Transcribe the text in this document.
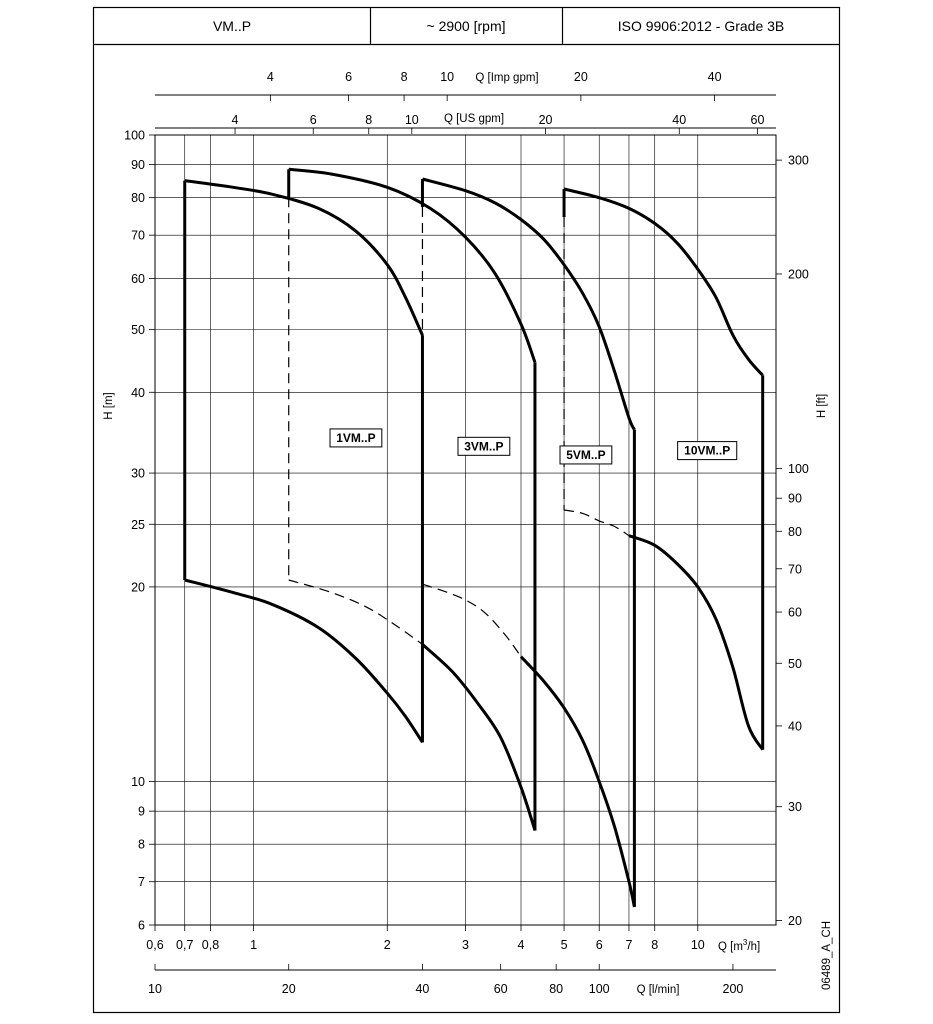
VM..P	~ 2900 [rpm]	ISO 9906:2012 - Grade 3B
0,6 0,7 0,8 1	2	3	4	5 6 7 8	10
6
7
8
9
10
20
25
30
40
50
60
70
80
90
100
20
30
40
50
60
70
80
90
100
200
300
4	6	8	10	20	40	60
4	6	8	10	20	40
10	20	40	60	80 100	200
1VM..P
3VM..P
5VM..P	10VM..P
Q [Imp gpm]
Q [US gpm]
Q [l/min]
Q $[m^3/h]$
H [m]	H [ft]
06489_A_CH
